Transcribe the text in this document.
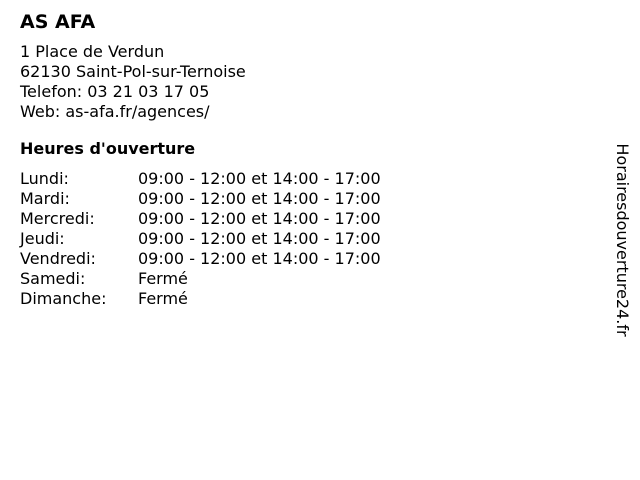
AS AFA
1 Place de Verdun
62130 Saint-Pol-sur-Ternoise
Telefon: 03 21 03 17 05
Web: as-afa.fr/agences/
Heures d'ouverture
Lundi:	09:00 - 12:00 et 14:00 - 17:00
Mardi:	09:00 - 12:00 et 14:00 - 17:00
Mercredi:	09:00 - 12:00 et 14:00 - 17:00
Jeudi:	09:00 - 12:00 et 14:00 - 17:00
Vendredi:	09:00 - 12:00 et 14:00 - 17:00
Samedi:	Fermé
Dimanche:	Fermé	Horairesdouverture24.fr
